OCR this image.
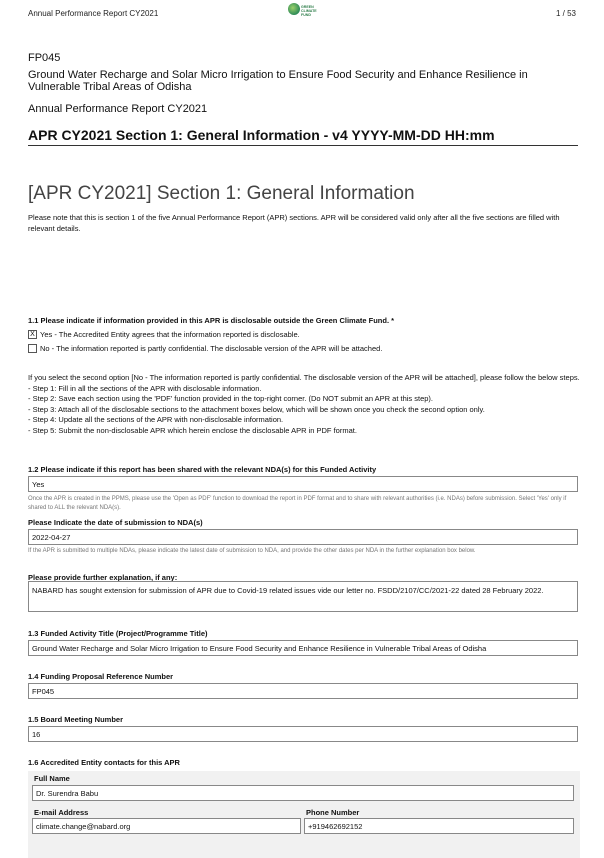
Annual Performance Report CY2021
GREEN
CLIMATE
FUND	1 / 53
FP045
Ground Water Recharge and Solar Micro Irrigation to Ensure Food Security and Enhance Resilience in Vulnerable Tribal Areas of Odisha
Annual Performance Report CY2021
APR CY2021 Section 1: General Information - v4 YYYY-MM-DD HH:mm
[APR CY2021] Section 1: General Information
Please note that this is section 1 of the five Annual Performance Report (APR) sections. APR will be considered valid only after all the five sections are filled with relevant details.
1.1 Please indicate if information provided in this APR is disclosable outside the Green Climate Fund. *
X Yes - The Accredited Entity agrees that the information reported is disclosable.
No - The information reported is partly confidential. The disclosable version of the APR will be attached.
If you select the second option [No - The information reported is partly confidential. The disclosable version of the APR will be attached], please follow the below steps.
- Step 1: Fill in all the sections of the APR with disclosable information.
- Step 2: Save each section using the 'PDF' function provided in the top-right corner. (Do NOT submit an APR at this step).
- Step 3: Attach all of the disclosable sections to the attachment boxes below, which will be shown once you check the second option only.
- Step 4: Update all the sections of the APR with non-disclosable information.
- Step 5: Submit the non-disclosable APR which herein enclose the disclosable APR in PDF format.
1.2 Please indicate if this report has been shared with the relevant NDA(s) for this Funded Activity
Yes
Once the APR is created in the PPMS, please use the 'Open as PDF' function to download the report in PDF format and to share with relevant authorities (i.e. NDAs) before submission. Select 'Yes' only if shared to ALL the relevant NDA(s).
Please Indicate the date of submission to NDA(s)
2022-04-27
If the APR is submitted to multiple NDAs, please indicate the latest date of submission to NDA, and provide the other dates per NDA in the further explanation box below.
Please provide further explanation, if any:
NABARD has sought extension for submission of APR due to Covid-19 related issues vide our letter no. FSDD/2107/CC/2021-22 dated 28 February 2022.
1.3 Funded Activity Title (Project/Programme Title)
Ground Water Recharge and Solar Micro Irrigation to Ensure Food Security and Enhance Resilience in Vulnerable Tribal Areas of Odisha
1.4 Funding Proposal Reference Number
FP045
1.5 Board Meeting Number
16
1.6 Accredited Entity contacts for this APR
Full Name
Dr. Surendra Babu
E-mail Address
climate.change@nabard.org
Phone Number
+919462692152
